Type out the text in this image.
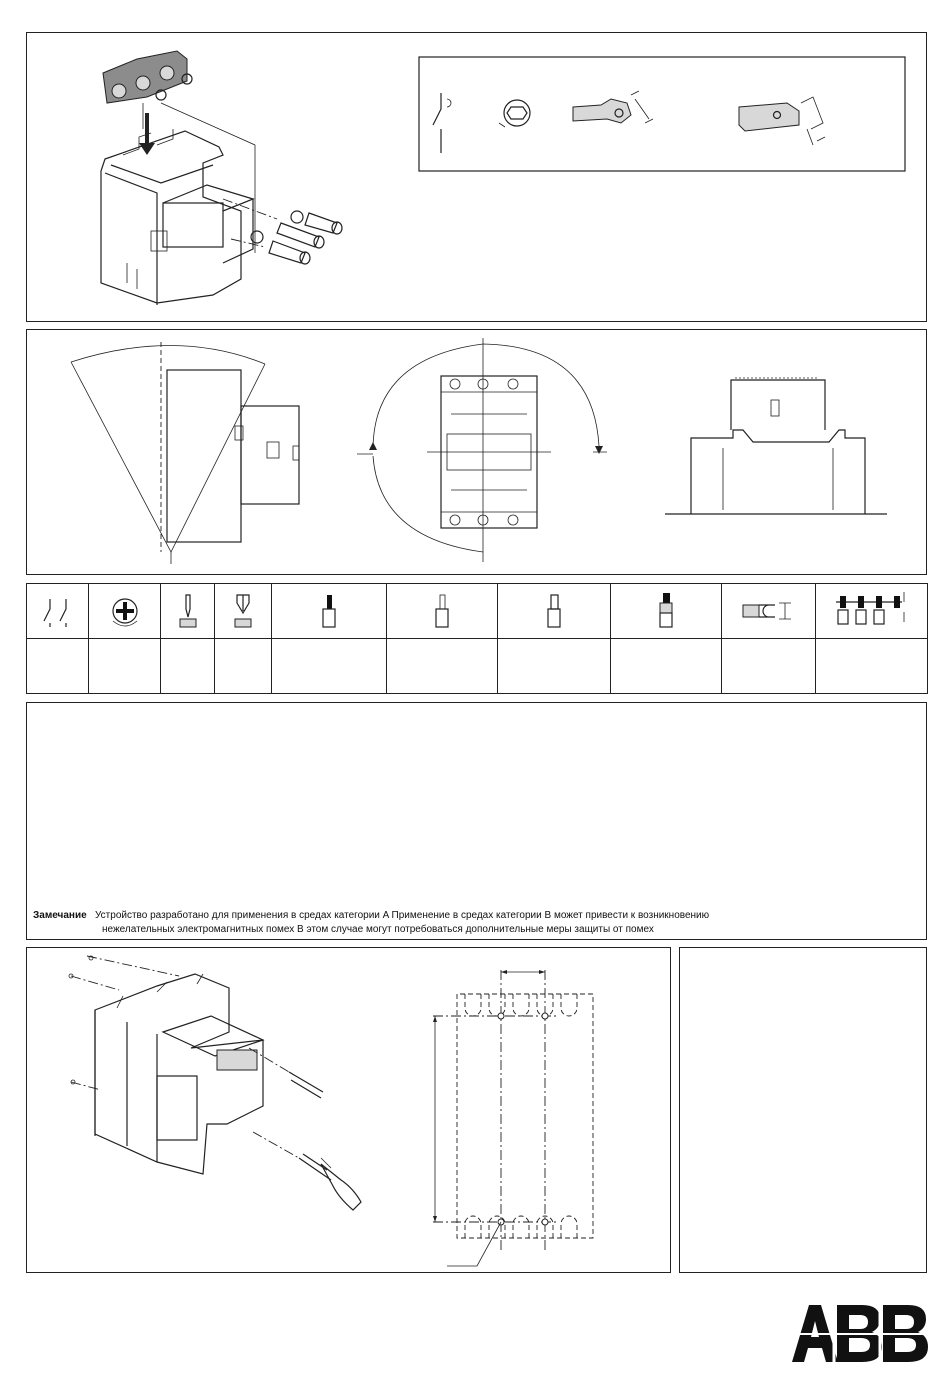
Замечание Устройство разработано для применения в средах категории A Применение в средах категории B может привести к возникновению
нежелательных электромагнитных помех В этом случае могут потребоваться дополнительные меры защиты от помех
